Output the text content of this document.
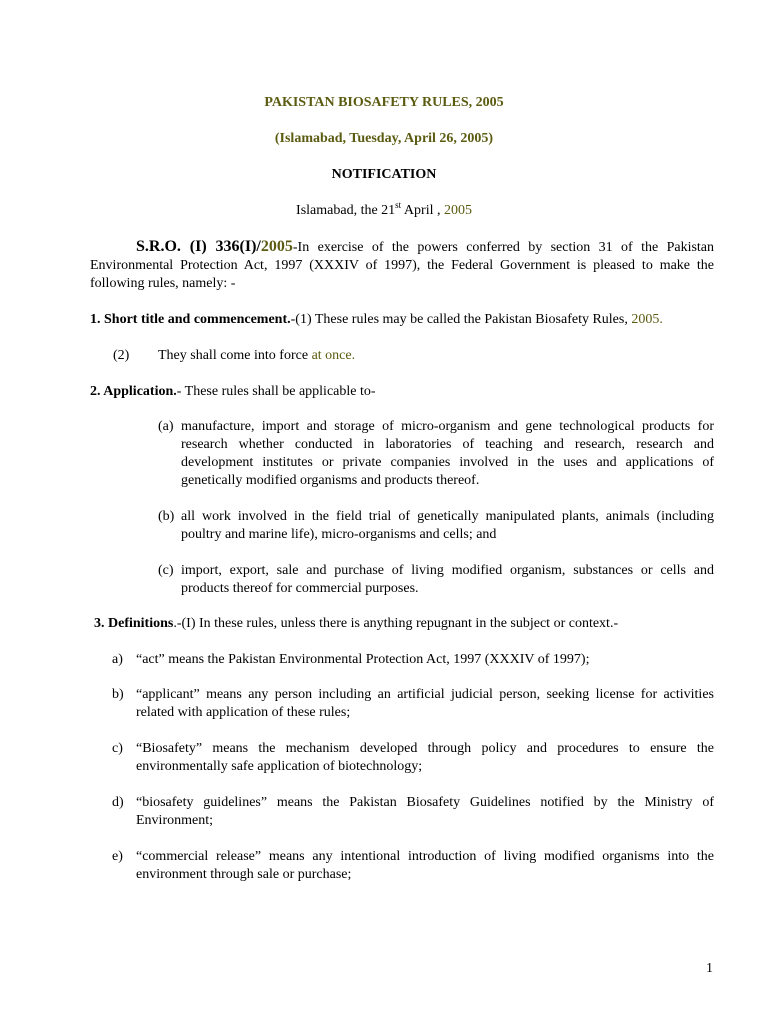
PAKISTAN BIOSAFETY RULES, 2005
(Islamabad, Tuesday, April 26, 2005)
NOTIFICATION
Islamabad, the 21st April , 2005
S.R.O. (I) 336(I)/2005-In exercise of the powers conferred by section 31 of the Pakistan Environmental Protection Act, 1997 (XXXIV of 1997), the Federal Government is pleased to make the following rules, namely: -
1. Short title and commencement.-(1) These rules may be called the Pakistan Biosafety Rules, 2005.
(2) They shall come into force at once.
2. Application.- These rules shall be applicable to-
(a) manufacture, import and storage of micro-organism and gene technological products for research whether conducted in laboratories of teaching and research, research and development institutes or private companies involved in the uses and applications of genetically modified organisms and products thereof.
(b) all work involved in the field trial of genetically manipulated plants, animals (including poultry and marine life), micro-organisms and cells; and
(c) import, export, sale and purchase of living modified organism, substances or cells and products thereof for commercial purposes.
3. Definitions.-(I) In these rules, unless there is anything repugnant in the subject or context.-
a) “act” means the Pakistan Environmental Protection Act, 1997 (XXXIV of 1997);
b) “applicant” means any person including an artificial judicial person, seeking license for activities related with application of these rules;
c) “Biosafety” means the mechanism developed through policy and procedures to ensure the environmentally safe application of biotechnology;
d) “biosafety guidelines” means the Pakistan Biosafety Guidelines notified by the Ministry of Environment;
e) “commercial release” means any intentional introduction of living modified organisms into the environment through sale or purchase;
1
